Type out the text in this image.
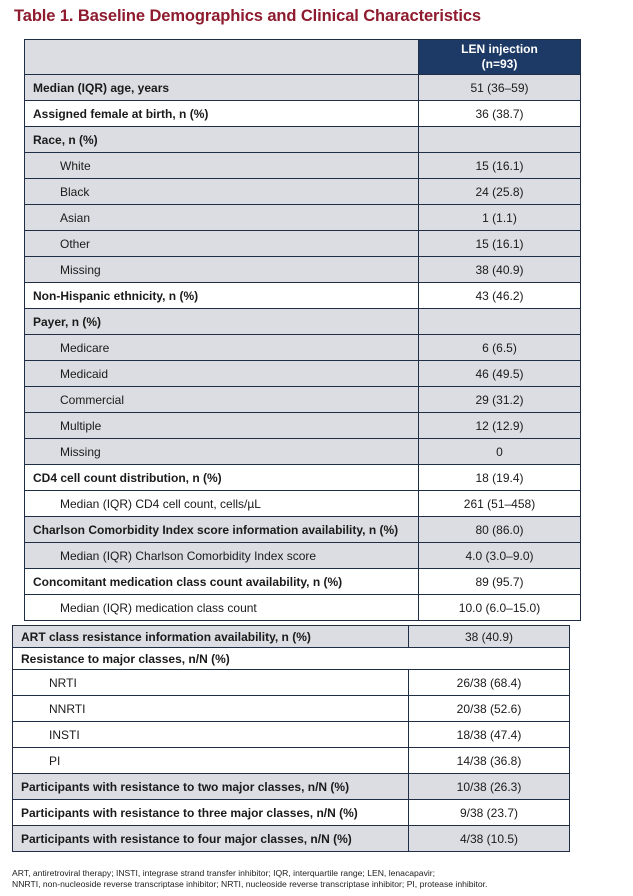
Table 1. Baseline Demographics and Clinical Characteristics

	LEN injection
(n=93)

Median (IQR) age, years	51 (36–59)
Assigned female at birth, n (%)	36 (38.7)
Race, n (%)	
White	15 (16.1)
Black	24 (25.8)
Asian	1 (1.1)
Other	15 (16.1)
Missing	38 (40.9)
Non-Hispanic ethnicity, n (%)	43 (46.2)
Payer, n (%)	
Medicare	6 (6.5)
Medicaid	46 (49.5)
Commercial	29 (31.2)
Multiple	12 (12.9)
Missing	0
CD4 cell count distribution, n (%)	18 (19.4)
Median (IQR) CD4 cell count, cells/µL	261 (51–458)
Charlson Comorbidity Index score information availability, n (%)	80 (86.0)
Median (IQR) Charlson Comorbidity Index score	4.0 (3.0–9.0)
Concomitant medication class count availability, n (%)	89 (95.7)
Median (IQR) medication class count	10.0 (6.0–15.0)
ART class resistance information availability, n (%)	38 (40.9)
Resistance to major classes, n/N (%)	
NRTI	26/38 (68.4)
NNRTI	20/38 (52.6)
INSTI	18/38 (47.4)
PI	14/38 (36.8)
Participants with resistance to two major classes, n/N (%)	10/38 (26.3)
Participants with resistance to three major classes, n/N (%)	9/38 (23.7)
Participants with resistance to four major classes, n/N (%)	4/38 (10.5)
ART, antiretroviral therapy; INSTI, integrase strand transfer inhibitor; IQR, interquartile range; LEN, lenacapavir;
NNRTI, non-nucleoside reverse transcriptase inhibitor; NRTI, nucleoside reverse transcriptase inhibitor; PI, protease inhibitor.
